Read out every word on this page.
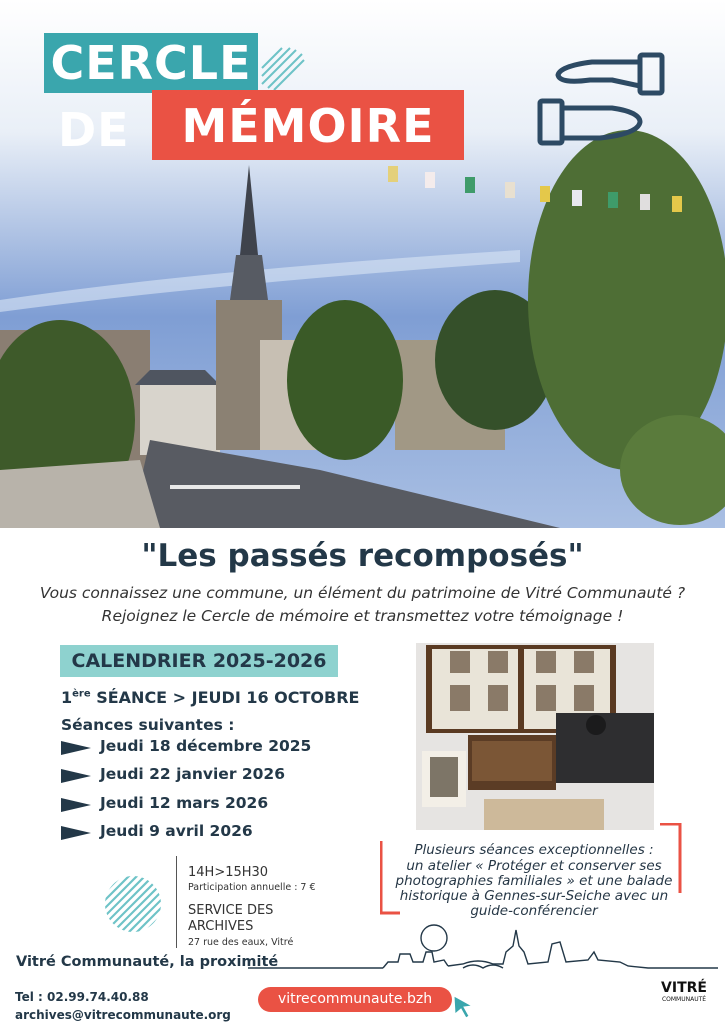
CERCLE
DE	MÉMOIRE
"Les passés recomposés"
Vous connaissez une commune, un élément du patrimoine de Vitré Communauté ?
Rejoignez le Cercle de mémoire et transmettez votre témoignage !
CALENDRIER 2025-2026
1ère SÉANCE > JEUDI 16 OCTOBRE
Séances suivantes :
Jeudi 18 décembre 2025
Jeudi 22 janvier 2026
Jeudi 12 mars 2026
Jeudi 9 avril 2026
14H>15H30
Participation annuelle : 7 €
SERVICE DES
ARCHIVES
27 rue des eaux, Vitré
Plusieurs séances exceptionnelles :
un atelier « Protéger et conserver ses
photographies familiales » et une balade
historique à Gennes-sur-Seiche avec un
guide-conférencier
Vitré Communauté, la proximité
Tel : 02.99.74.40.88
archives@vitrecommunaute.org
vitrecommunaute.bzh
VITRÉ
COMMUNAUTÉ
